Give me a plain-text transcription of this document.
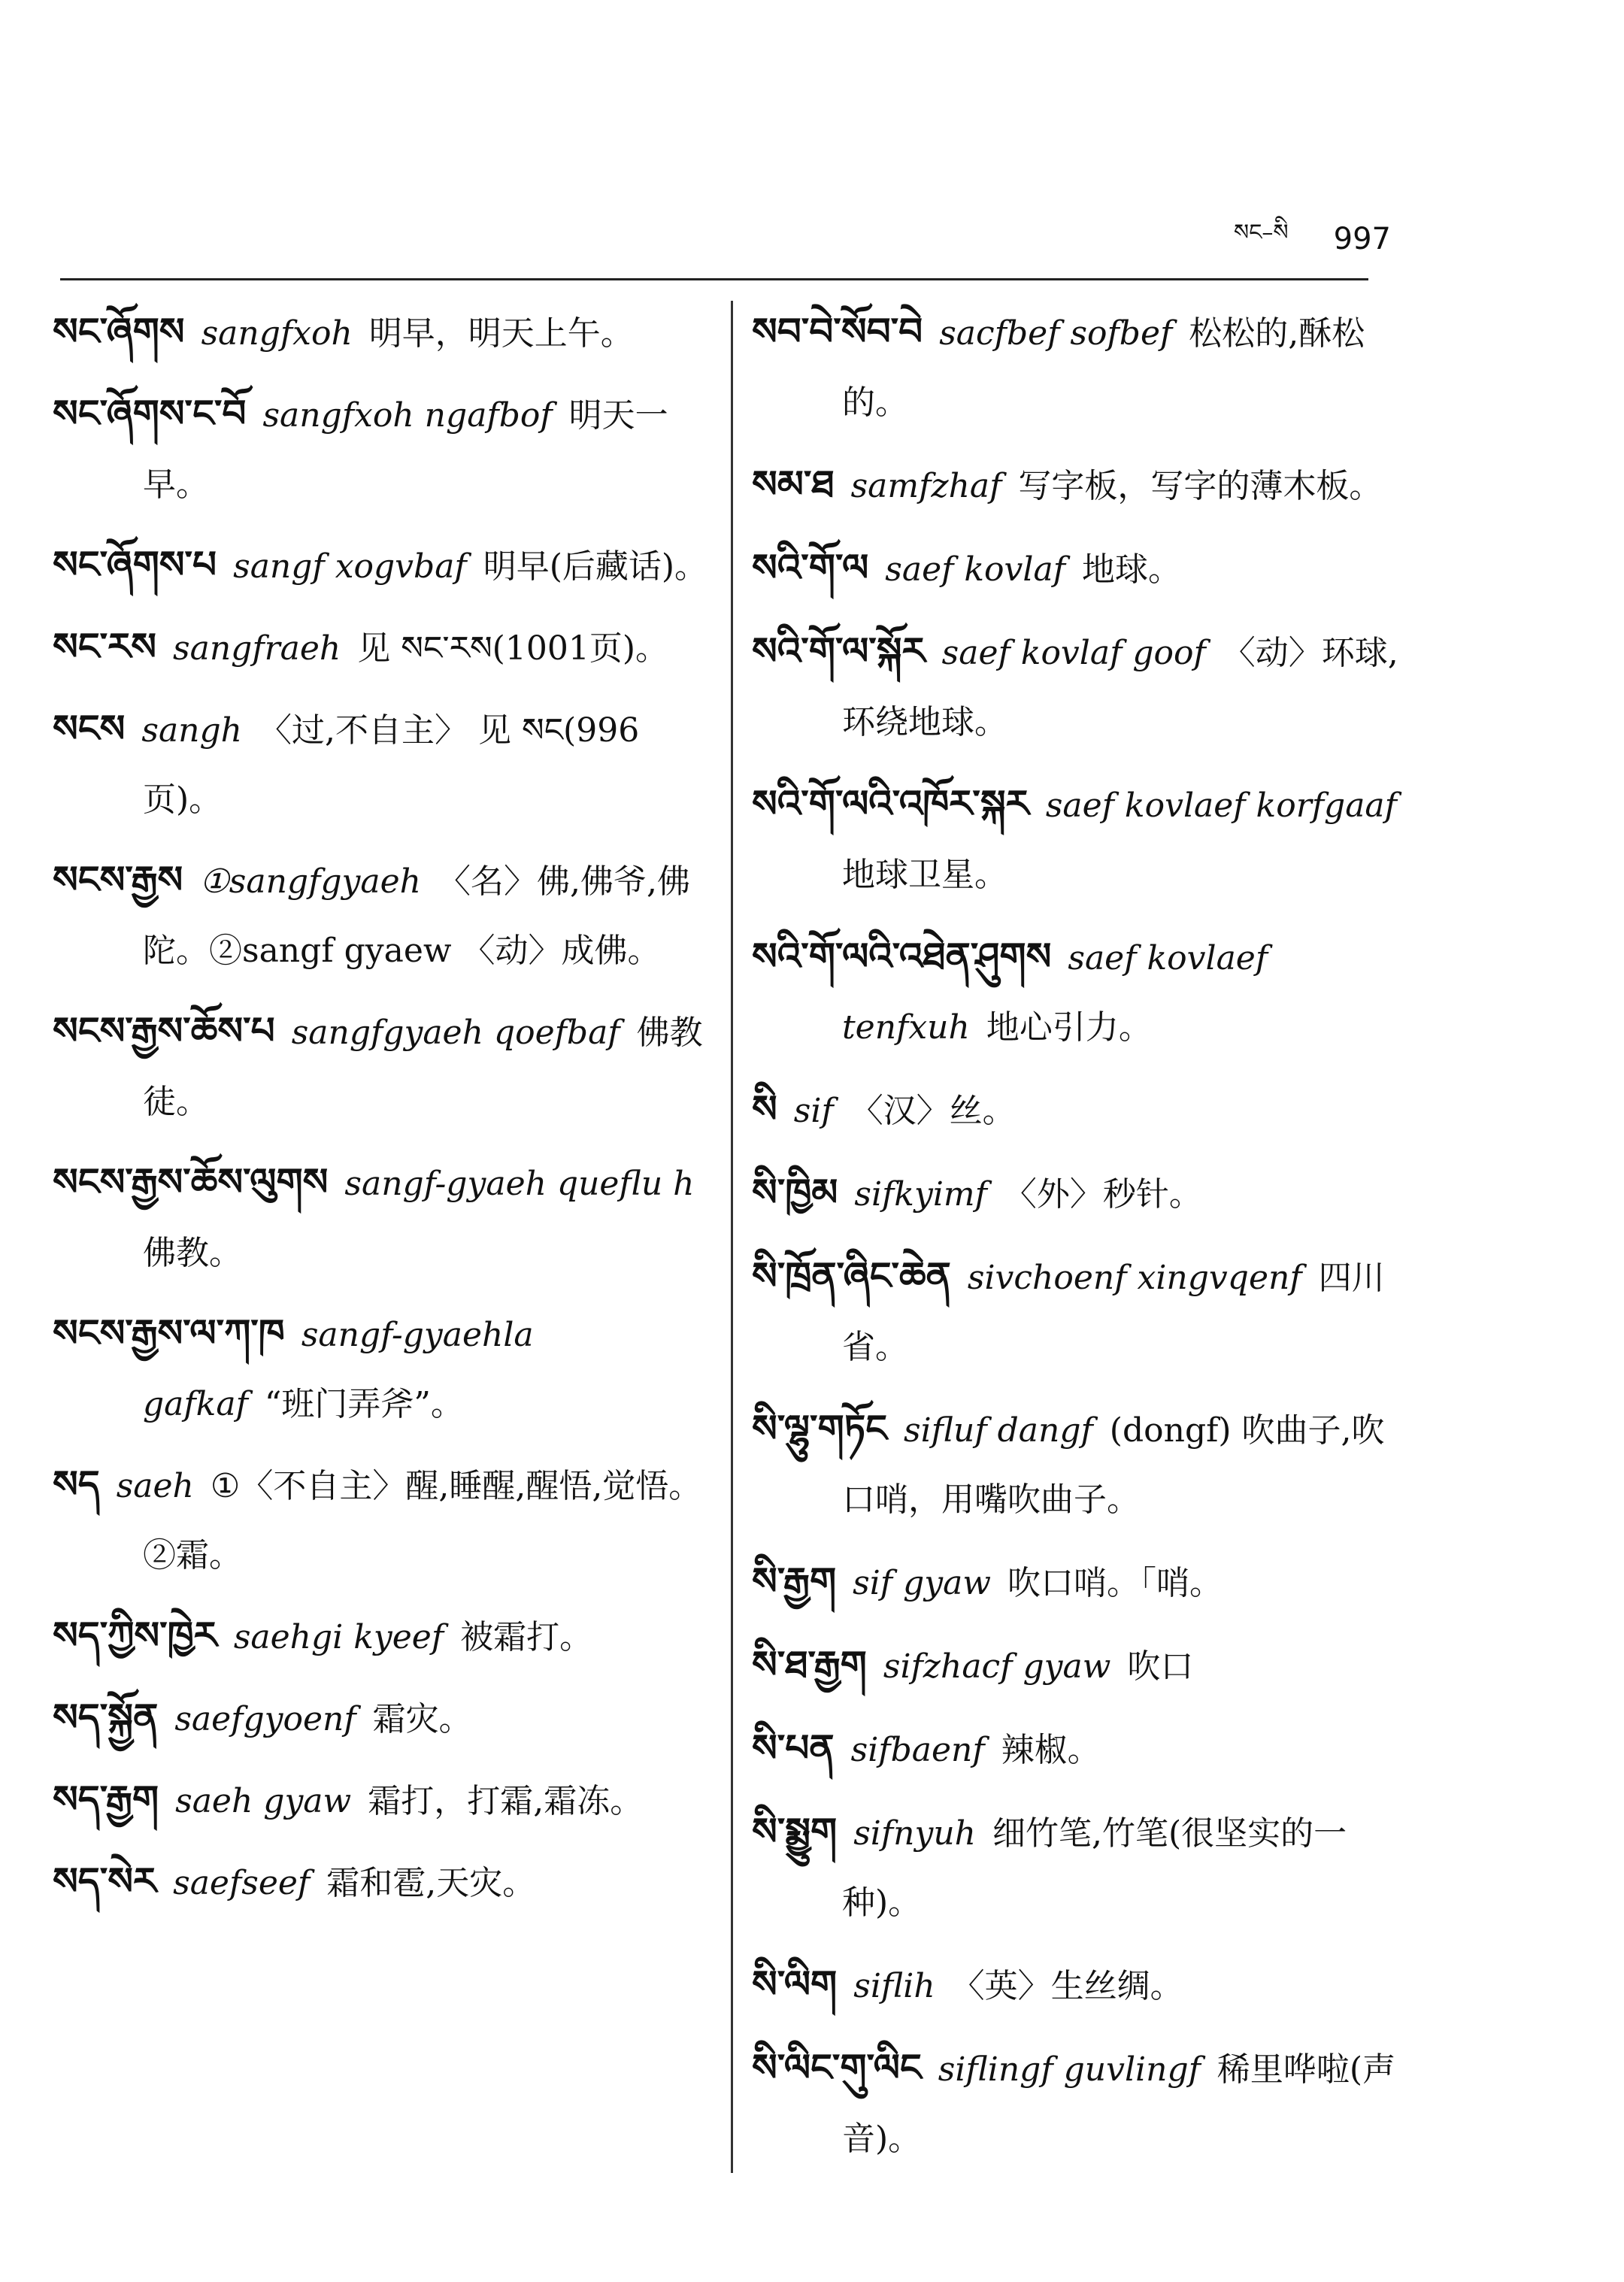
སང–སི 997
སང་ཞོགས sangfxoh 明早，明天上午。
སང་ཞོགས་ང་བོ sangfxoh ngafbof 明天一早。
སང་ཞོགས་པ sangf xogvbaf 明早(后藏话)。
སང་རས sangfraeh 见 སང་རས(1001页)。
སངས sangh 〈过,不自主〉 见 སང(996页)。
སངས་རྒྱས ①sangfgyaeh 〈名〉佛,佛爷,佛陀。②sangf gyaew 〈动〉成佛。
སངས་རྒྱས་ཆོས་པ sangfgyaeh qoefbaf 佛教徒。
སངས་རྒྱས་ཆོས་ལུགས sangf-gyaeh queflu h佛教。
སངས་རྒྱས་ལ་ཀ་ཁ sangf-gyaehla gafkaf “班门弄斧”。
སད saeh ①〈不自主〉醒,睡醒,醒悟,觉悟。②霜。
སད་ཀྱིས་ཁྱེར saehgi kyeef 被霜打。
སད་སྐྱོན saefgyoenf 霜灾。
སད་རྒྱག saeh gyaw 霜打，打霜,霜冻。
སད་སེར saefseef 霜和雹,天灾。
སབ་བེ་སོབ་བེ sacfbef sofbef 松松的,酥松的。
སམ་ཐ samfzhaf 写字板，写字的薄木板。
སའི་གོ་ལ saef kovlaf 地球。
སའི་གོ་ལ་སྐོར saef kovlaf goof 〈动〉环球,环绕地球。
སའི་གོ་ལའི་འཁོར་སྐར saef kovlaef korfgaaf地球卫星。
སའི་གོ་ལའི་འཐེན་ཤུགས saef kovlaef tenfxuh 地心引力。
སི sif 〈汉〉丝。
སི་ཁྱིམ sifkyimf 〈外〉秒针。
སི་ཁྲོན་ཞིང་ཆེན sivchoenf xingvqenf 四川省。
སི་ལྷུ་གཏོང sifluf dangf (dongf) 吹曲子,吹口哨，用嘴吹曲子。
སི་རྒྱག sif gyaw 吹口哨。「哨。
སི་ཐ་རྒྱག sifzhacf gyaw 吹口
སི་པན sifbaenf 辣椒。
སི་སྨྱུག sifnyuh 细竹笔,竹笔(很坚实的一种)。
སི་ལིག siflih 〈英〉生丝绸。
སི་ལིང་གུ་ལིང siflingf guvlingf 稀里哗啦(声音)。
